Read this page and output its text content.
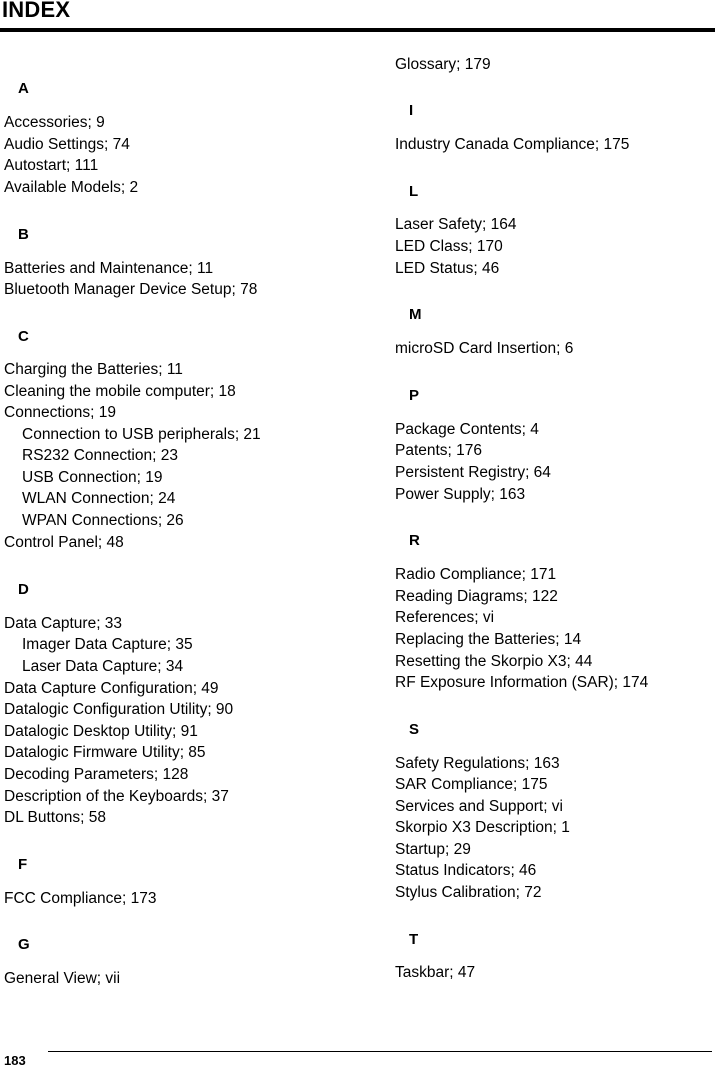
INDEX
A
Accessories; 9
Audio Settings; 74
Autostart; 111
Available Models; 2
B
Batteries and Maintenance; 11
Bluetooth Manager Device Setup; 78
C
Charging the Batteries; 11
Cleaning the mobile computer; 18
Connections; 19
Connection to USB peripherals; 21
RS232 Connection; 23
USB Connection; 19
WLAN Connection; 24
WPAN Connections; 26
Control Panel; 48
D
Data Capture; 33
Imager Data Capture; 35
Laser Data Capture; 34
Data Capture Configuration; 49
Datalogic Configuration Utility; 90
Datalogic Desktop Utility; 91
Datalogic Firmware Utility; 85
Decoding Parameters; 128
Description of the Keyboards; 37
DL Buttons; 58
F
FCC Compliance; 173
G
General View; vii
Glossary; 179
I
Industry Canada Compliance; 175
L
Laser Safety; 164
LED Class; 170
LED Status; 46
M
microSD Card Insertion; 6
P
Package Contents; 4
Patents; 176
Persistent Registry; 64
Power Supply; 163
R
Radio Compliance; 171
Reading Diagrams; 122
References; vi
Replacing the Batteries; 14
Resetting the Skorpio X3; 44
RF Exposure Information (SAR); 174
S
Safety Regulations; 163
SAR Compliance; 175
Services and Support; vi
Skorpio X3 Description; 1
Startup; 29
Status Indicators; 46
Stylus Calibration; 72
T
Taskbar; 47
183
